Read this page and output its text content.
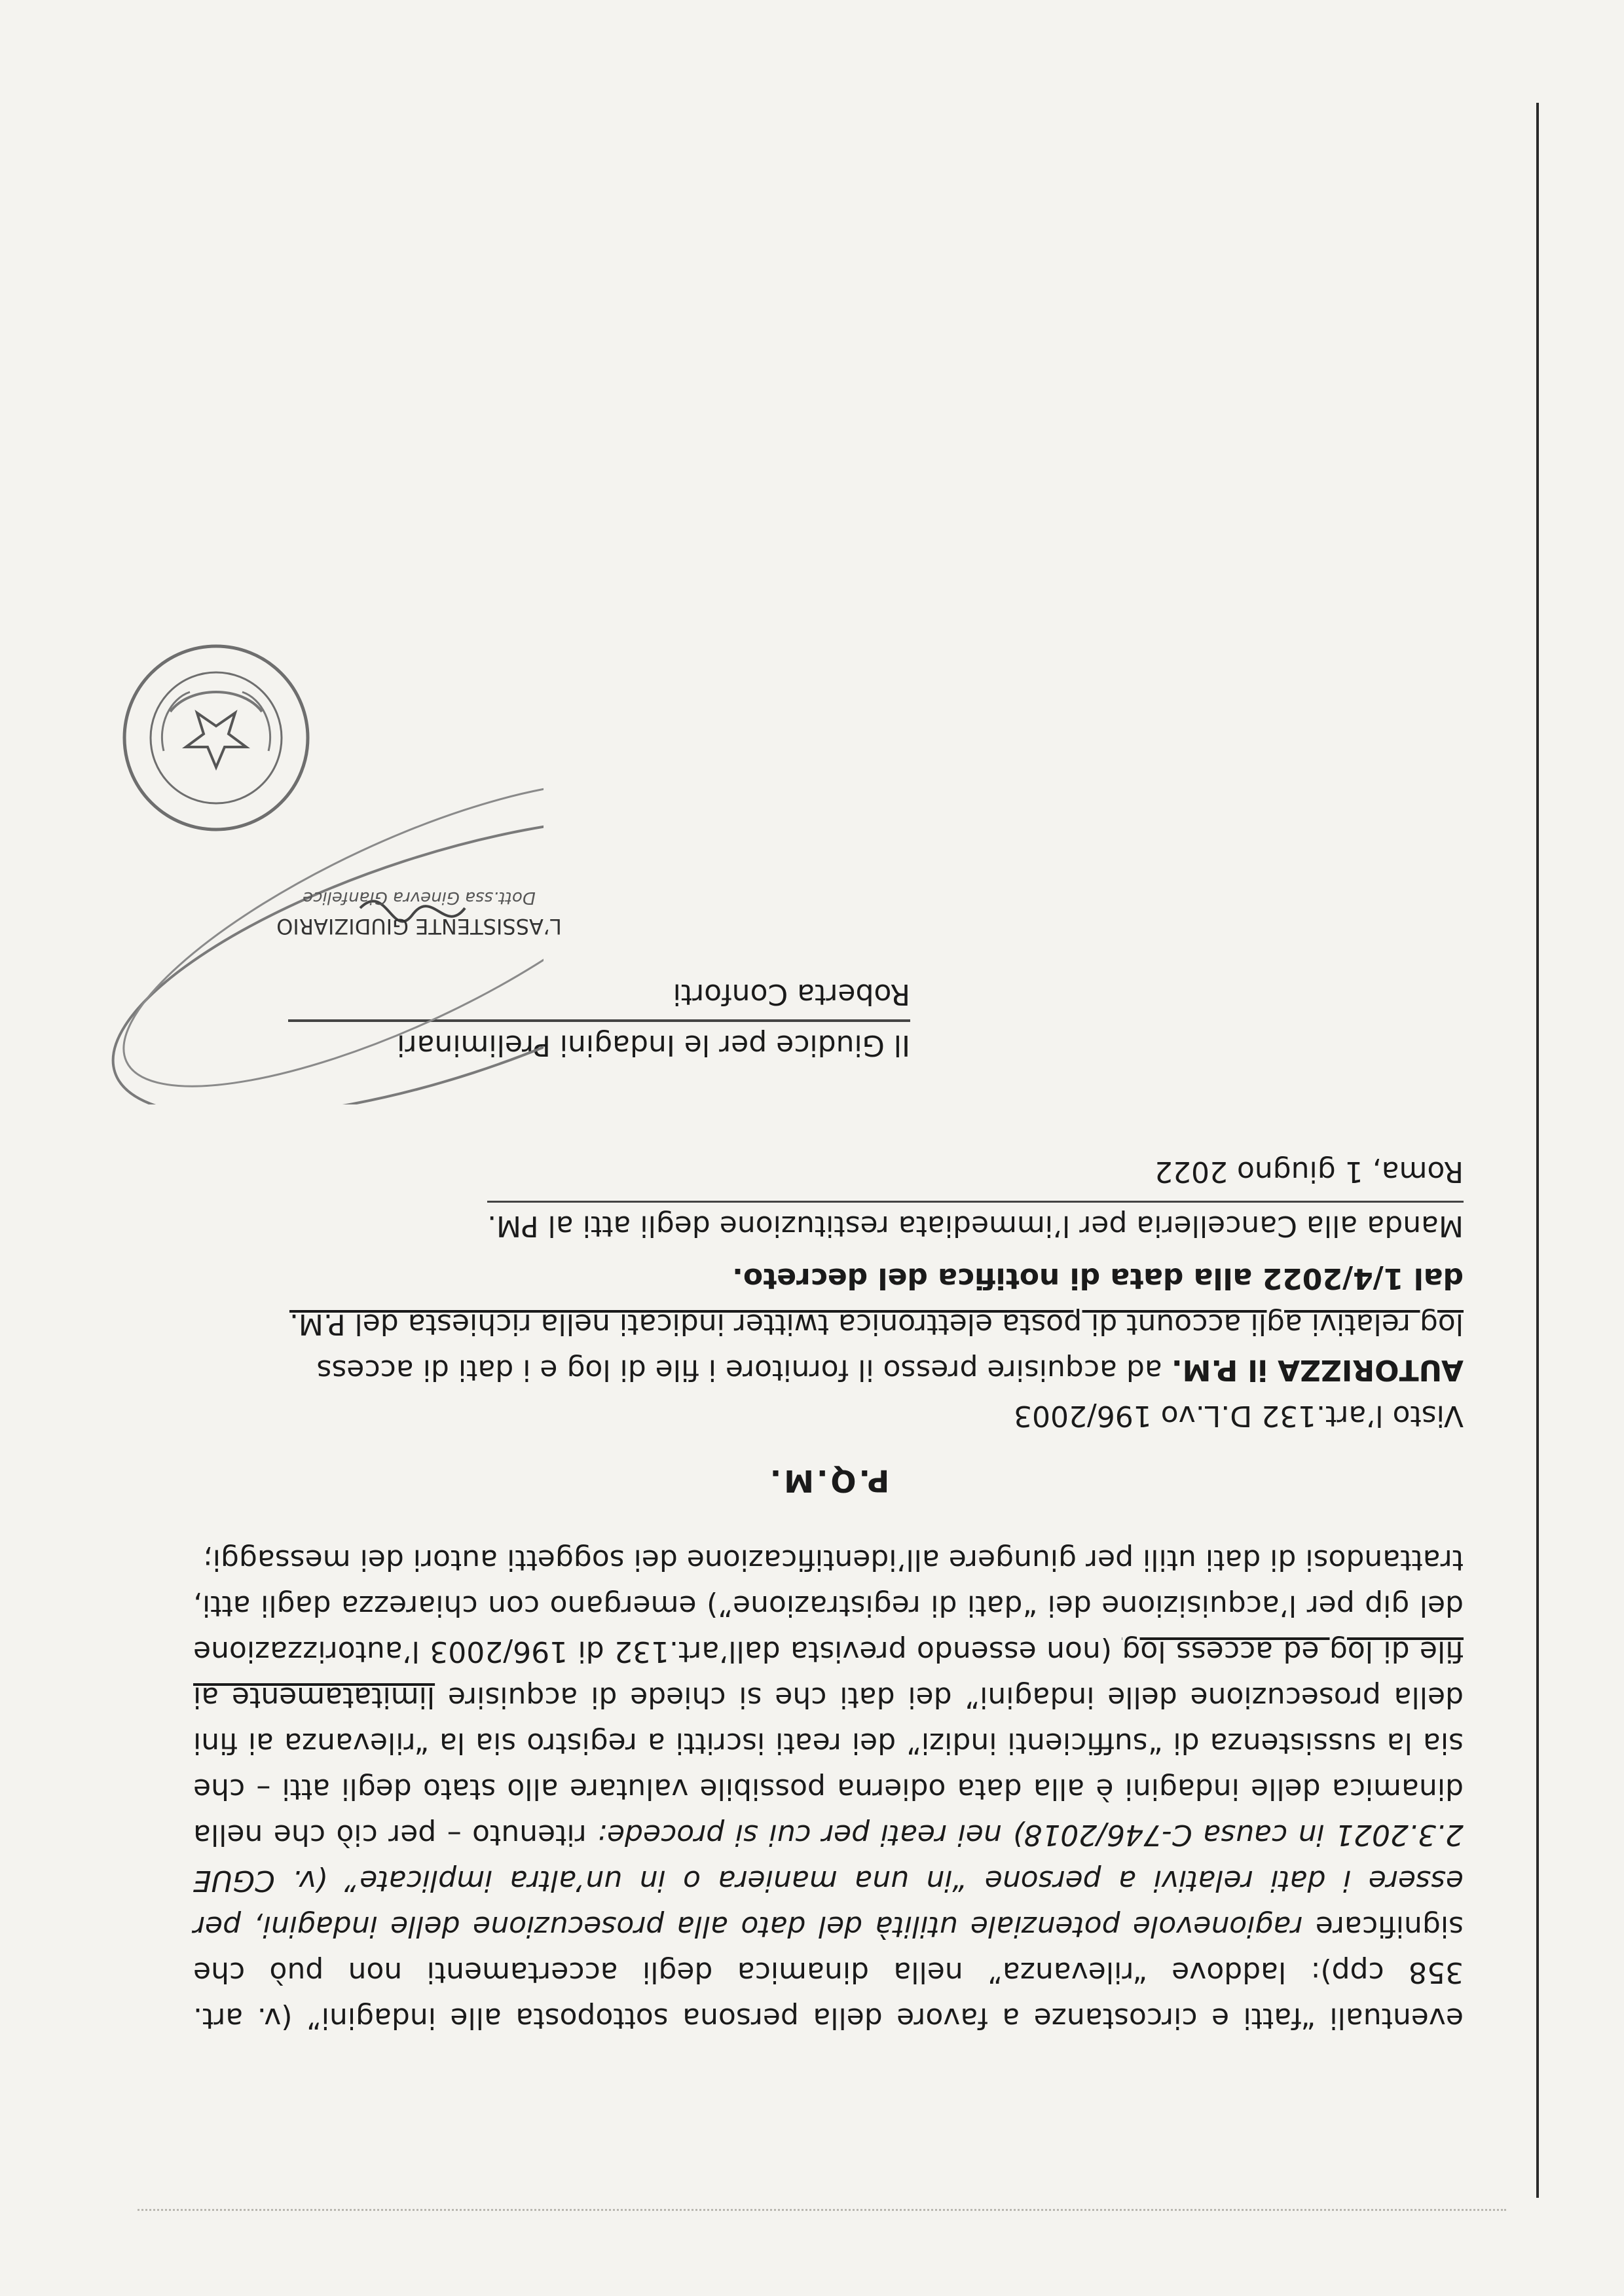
eventuali “fatti e circostanze a favore della persona sottoposta alle indagini” (v. art. 358 cpp): laddove “rilevanza” nella dinamica degli accertamenti non può che significare ragionevole potenziale utilità del dato alla prosecuzione delle indagini, per essere i dati relativi a persone “in una maniera o in un’altra implicate” (v. CGUE 2.3.2021 in causa C-746/2018) nei reati per cui si procede: ritenuto – per ciò che nella dinamica delle indagini è alla data odierna possibile valutare allo stato degli atti – che sia la sussistenza di “sufficienti indizi” dei reati iscritti a registro sia la “rilevanza ai fini della prosecuzione delle indagini” dei dati che si chiede di acquisire limitatamente ai file di log ed access log (non essendo prevista dall’art.132 di 196/2003 l’autorizzazione del gip per l’acquisizione dei “dati di registrazione”) emergano con chiarezza dagli atti, trattandosi di dati utili per giungere all’identificazione dei soggetti autori dei messaggi;

P.Q.M.

Visto l’art.132 D.L.vo 196/2003

AUTORIZZA il P.M. ad acquisire presso il fornitore i file di log e i dati di access

log relativi agli account di posta elettronica twitter indicati nella richiesta del P.M.

dal 1/4/2022 alla data di notifica del decreto.

Manda alla Cancelleria per l’immediata restituzione degli atti al PM.

Roma, 1 giugno 2022

Il Giudice per le Indagini Preliminari
Roberta Conforti
L’ASSISTENTE GIUDIZIARIO
Dott.ssa Ginevra Gianfelice
